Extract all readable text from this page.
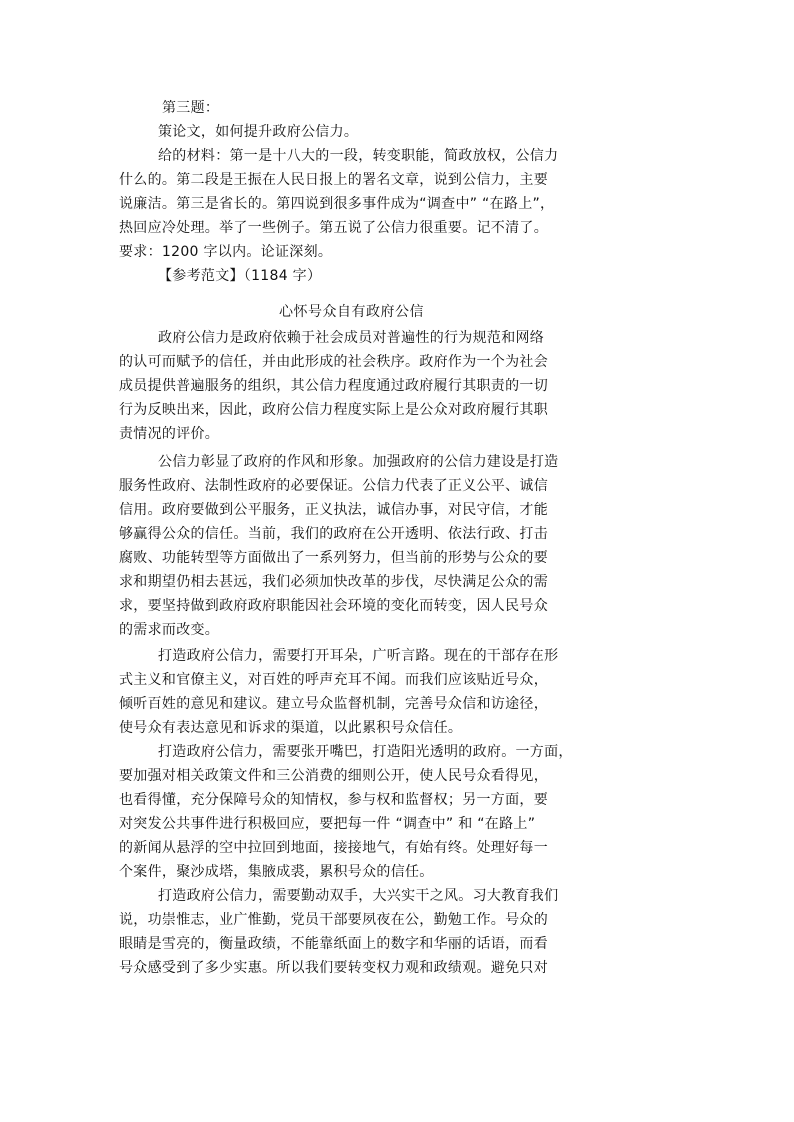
第三题：
策论文，如何提升政府公信力。
给的材料：第一是十八大的一段，转变职能，简政放权，公信力
什么的。第二段是王振在人民日报上的署名文章，说到公信力，主要
说廉洁。第三是省长的。第四说到很多事件成为“调查中” “在路上”，
热回应冷处理。举了一些例子。第五说了公信力很重要。记不清了。
要求：1200 字以内。论证深刻。
【参考范文】（1184 字）
心怀号众自有政府公信
政府公信力是政府依赖于社会成员对普遍性的行为规范和网络
的认可而赋予的信任，并由此形成的社会秩序。政府作为一个为社会
成员提供普遍服务的组织，其公信力程度通过政府履行其职责的一切
行为反映出来，因此，政府公信力程度实际上是公众对政府履行其职
责情况的评价。
公信力彰显了政府的作风和形象。加强政府的公信力建设是打造
服务性政府、法制性政府的必要保证。公信力代表了正义公平、诚信
信用。政府要做到公平服务，正义执法，诚信办事，对民守信，才能
够赢得公众的信任。当前，我们的政府在公开透明、依法行政、打击
腐败、功能转型等方面做出了一系列努力，但当前的形势与公众的要
求和期望仍相去甚远，我们必须加快改革的步伐，尽快满足公众的需
求，要坚持做到政府政府职能因社会环境的变化而转变，因人民号众
的需求而改变。
打造政府公信力，需要打开耳朵，广听言路。现在的干部存在形
式主义和官僚主义，对百姓的呼声充耳不闻。而我们应该贴近号众，
倾听百姓的意见和建议。建立号众监督机制，完善号众信和访途径，
使号众有表达意见和诉求的渠道，以此累积号众信任。
打造政府公信力，需要张开嘴巴，打造阳光透明的政府。一方面，
要加强对相关政策文件和三公消费的细则公开，使人民号众看得见，
也看得懂，充分保障号众的知情权，参与权和监督权；另一方面，要
对突发公共事件进行积极回应，要把每一件 “调查中” 和 “在路上”
的新闻从悬浮的空中拉回到地面，接接地气，有始有终。处理好每一
个案件，聚沙成塔，集腋成裘，累积号众的信任。
打造政府公信力，需要勤动双手，大兴实干之风。习大教育我们
说，功崇惟志，业广惟勤，党员干部要夙夜在公，勤勉工作。号众的
眼睛是雪亮的，衡量政绩，不能靠纸面上的数字和华丽的话语，而看
号众感受到了多少实惠。所以我们要转变权力观和政绩观。避免只对
